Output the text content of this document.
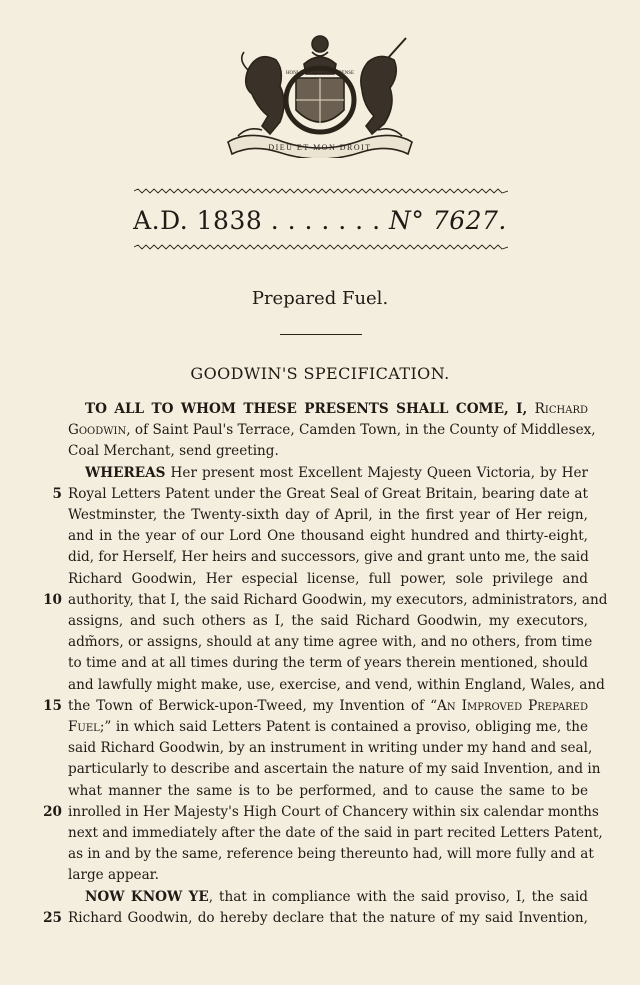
HONI SOIT QUI MAL Y PENSE
DIEU ET MON DROIT
A.D. 1838 . . . . . . . N° 7627.
Prepared Fuel.
GOODWIN'S SPECIFICATION.
5
10
15
20
25
TO ALL TO WHOM THESE PRESENTS SHALL COME, I, Richard
Goodwin, of Saint Paul's Terrace, Camden Town, in the County of Middlesex,
Coal Merchant, send greeting.
WHEREAS Her present most Excellent Majesty Queen Victoria, by Her
Royal Letters Patent under the Great Seal of Great Britain, bearing date at
Westminster, the Twenty-sixth day of April, in the first year of Her reign,
and in the year of our Lord One thousand eight hundred and thirty-eight,
did, for Herself, Her heirs and successors, give and grant unto me, the said
Richard Goodwin, Her especial license, full power, sole privilege and
authority, that I, the said Richard Goodwin, my executors, administrators, and
assigns, and such others as I, the said Richard Goodwin, my executors,
adm̃ors, or assigns, should at any time agree with, and no others, from time
to time and at all times during the term of years therein mentioned, should
and lawfully might make, use, exercise, and vend, within England, Wales, and
the Town of Berwick-upon-Tweed, my Invention of “An Improved Prepared
Fuel;” in which said Letters Patent is contained a proviso, obliging me, the
said Richard Goodwin, by an instrument in writing under my hand and seal,
particularly to describe and ascertain the nature of my said Invention, and in
what manner the same is to be performed, and to cause the same to be
inrolled in Her Majesty's High Court of Chancery within six calendar months
next and immediately after the date of the said in part recited Letters Patent,
as in and by the same, reference being thereunto had, will more fully and at
large appear.
NOW KNOW YE, that in compliance with the said proviso, I, the said
Richard Goodwin, do hereby declare that the nature of my said Invention,
